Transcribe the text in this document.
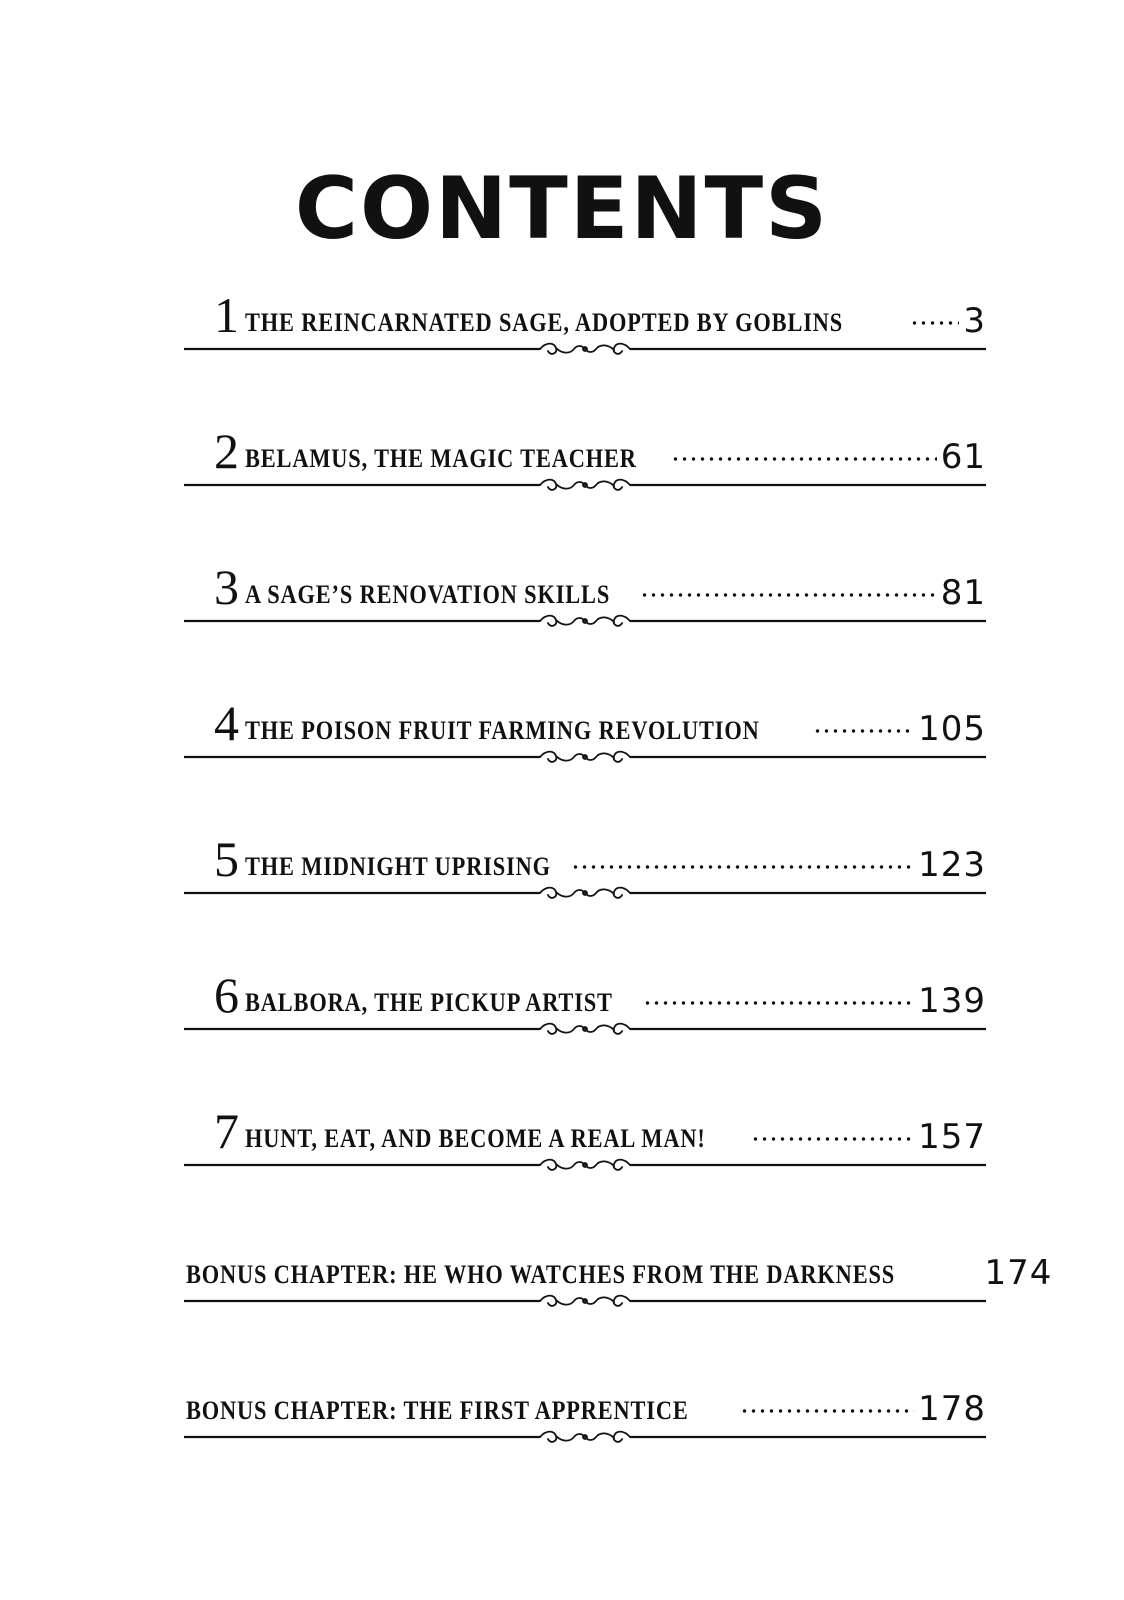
CONTENTS
1 THE REINCARNATED SAGE, ADOPTED BY GOBLINS	3
2 BELAMUS, THE MAGIC TEACHER	61
3 A SAGE’S RENOVATION SKILLS	81
4 THE POISON FRUIT FARMING REVOLUTION	105
5 THE MIDNIGHT UPRISING	123
6 BALBORA, THE PICKUP ARTIST	139
7 HUNT, EAT, AND BECOME A REAL MAN!	157
BONUS CHAPTER: HE WHO WATCHES FROM THE DARKNESS	174
BONUS CHAPTER: THE FIRST APPRENTICE	178
